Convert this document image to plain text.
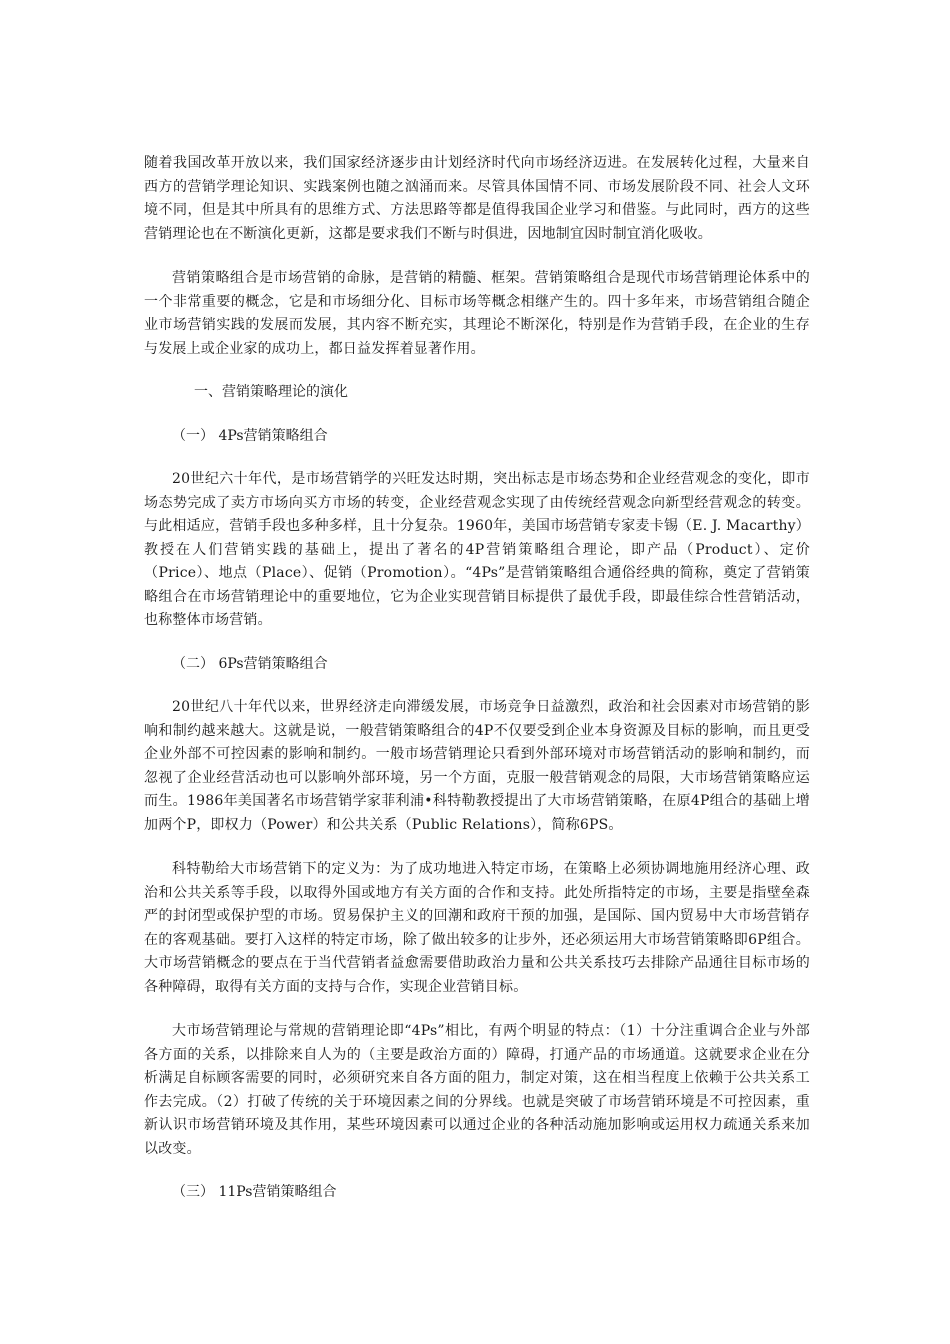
随着我国改革开放以来，我们国家经济逐步由计划经济时代向市场经济迈进。在发展转化过程，大量来自西方的营销学理论知识、实践案例也随之汹涌而来。尽管具体国情不同、市场发展阶段不同、社会人文环境不同，但是其中所具有的思维方式、方法思路等都是值得我国企业学习和借鉴。与此同时，西方的这些营销理论也在不断演化更新，这都是要求我们不断与时俱进，因地制宜因时制宜消化吸收。

营销策略组合是市场营销的命脉，是营销的精髓、框架。营销策略组合是现代市场营销理论体系中的一个非常重要的概念，它是和市场细分化、目标市场等概念相继产生的。四十多年来，市场营销组合随企业市场营销实践的发展而发展，其内容不断充实，其理论不断深化，特别是作为营销手段，在企业的生存与发展上或企业家的成功上，都日益发挥着显著作用。

一、营销策略理论的演化

（一） 4Ps营销策略组合

20世纪六十年代，是市场营销学的兴旺发达时期，突出标志是市场态势和企业经营观念的变化，即市场态势完成了卖方市场向买方市场的转变，企业经营观念实现了由传统经营观念向新型经营观念的转变。与此相适应，营销手段也多种多样，且十分复杂。1960年，美国市场营销专家麦卡锡（E. J. Macarthy）教授在人们营销实践的基础上，提出了著名的4P营销策略组合理论，即产品（Product）、定价（Price）、地点（Place）、促销（Promotion）。“4Ps”是营销策略组合通俗经典的简称，奠定了营销策略组合在市场营销理论中的重要地位，它为企业实现营销目标提供了最优手段，即最佳综合性营销活动，也称整体市场营销。

（二） 6Ps营销策略组合

20世纪八十年代以来，世界经济走向滞缓发展，市场竞争日益激烈，政治和社会因素对市场营销的影响和制约越来越大。这就是说，一般营销策略组合的4P不仅要受到企业本身资源及目标的影响，而且更受企业外部不可控因素的影响和制约。一般市场营销理论只看到外部环境对市场营销活动的影响和制约，而忽视了企业经营活动也可以影响外部环境，另一个方面，克服一般营销观念的局限，大市场营销策略应运而生。1986年美国著名市场营销学家菲利浦•科特勒教授提出了大市场营销策略，在原4P组合的基础上增加两个P，即权力（Power）和公共关系（Public Relations），简称6PS。

科特勒给大市场营销下的定义为：为了成功地进入特定市场，在策略上必须协调地施用经济心理、政治和公共关系等手段，以取得外国或地方有关方面的合作和支持。此处所指特定的市场，主要是指壁垒森严的封闭型或保护型的市场。贸易保护主义的回潮和政府干预的加强，是国际、国内贸易中大市场营销存在的客观基础。要打入这样的特定市场，除了做出较多的让步外，还必须运用大市场营销策略即6P组合。大市场营销概念的要点在于当代营销者益愈需要借助政治力量和公共关系技巧去排除产品通往目标市场的各种障碍，取得有关方面的支持与合作，实现企业营销目标。

大市场营销理论与常规的营销理论即“4Ps”相比，有两个明显的特点：（1）十分注重调合企业与外部各方面的关系，以排除来自人为的（主要是政治方面的）障碍，打通产品的市场通道。这就要求企业在分析满足自标顾客需要的同时，必须研究来自各方面的阻力，制定对策，这在相当程度上依赖于公共关系工作去完成。（2）打破了传统的关于环境因素之间的分界线。也就是突破了市场营销环境是不可控因素，重新认识市场营销环境及其作用，某些环境因素可以通过企业的各种活动施加影响或运用权力疏通关系来加以改变。

（三） 11Ps营销策略组合
